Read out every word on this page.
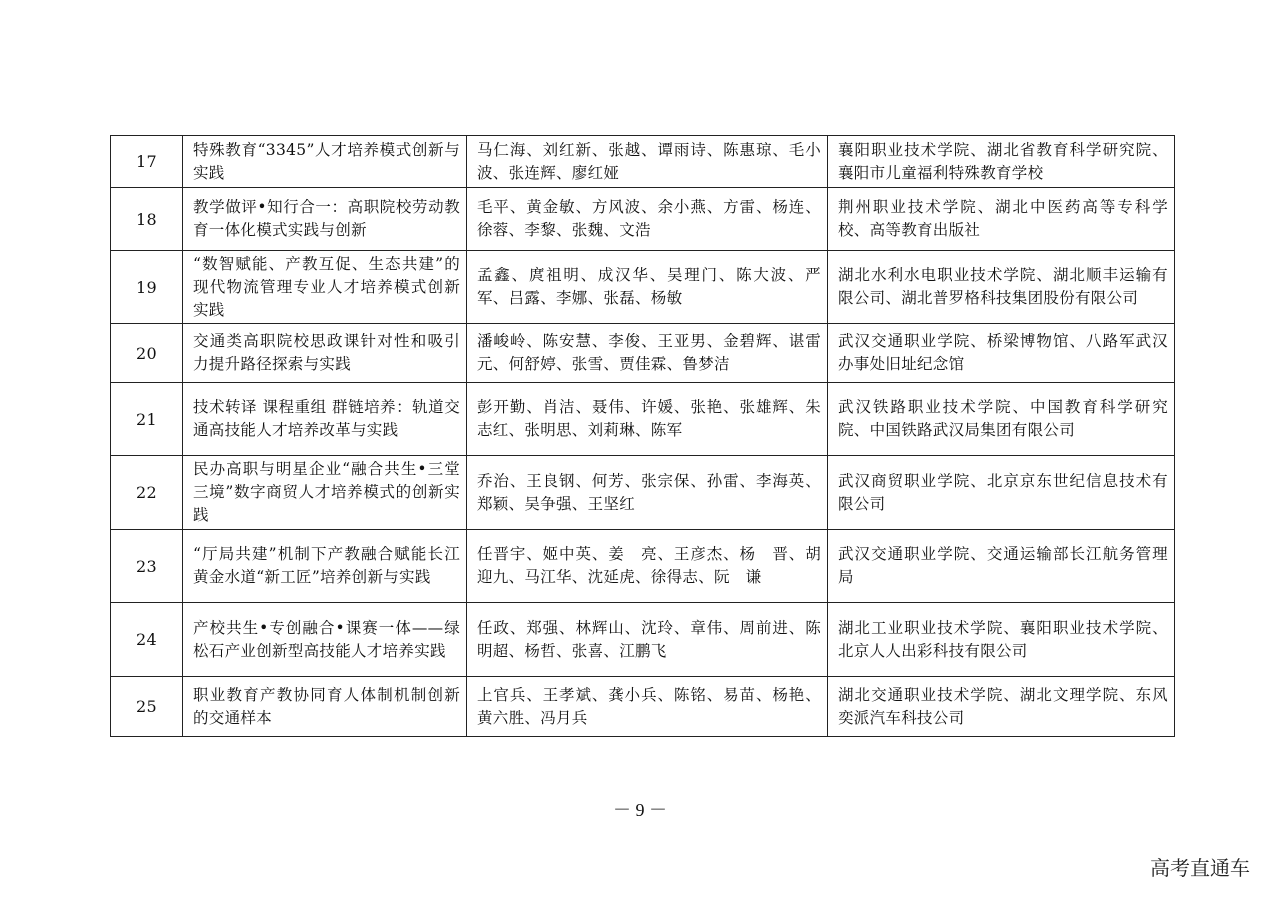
17	特殊教育“3345”人才培养模式创新与实践	马仁海、刘红新、张越、谭雨诗、陈惠琼、毛小波、张连辉、廖红娅	襄阳职业技术学院、湖北省教育科学研究院、襄阳市儿童福利特殊教育学校
18	教学做评•知行合一：高职院校劳动教育一体化模式实践与创新	毛平、黄金敏、方风波、余小燕、方雷、杨连、徐蓉、李黎、张魏、文浩	荆州职业技术学院、湖北中医药高等专科学校、高等教育出版社
19	“数智赋能、产教互促、生态共建”的现代物流管理专业人才培养模式创新实践	孟鑫、庹祖明、成汉华、吴理门、陈大波、严军、吕露、李娜、张磊、杨敏	湖北水利水电职业技术学院、湖北顺丰运输有限公司、湖北普罗格科技集团股份有限公司
20	交通类高职院校思政课针对性和吸引力提升路径探索与实践	潘峻岭、陈安慧、李俊、王亚男、金碧辉、谌雷元、何舒婷、张雪、贾佳霖、鲁梦洁	武汉交通职业学院、桥梁博物馆、八路军武汉办事处旧址纪念馆
21	技术转译 课程重组 群链培养：轨道交通高技能人才培养改革与实践	彭开勤、肖洁、聂伟、许媛、张艳、张雄辉、朱志红、张明思、刘莉琳、陈军	武汉铁路职业技术学院、中国教育科学研究院、中国铁路武汉局集团有限公司
22	民办高职与明星企业“融合共生•三堂三境”数字商贸人才培养模式的创新实践	乔治、王良钢、何芳、张宗保、孙雷、李海英、郑颖、吴争强、王坚红	武汉商贸职业学院、北京京东世纪信息技术有限公司
23	“厅局共建”机制下产教融合赋能长江黄金水道“新工匠”培养创新与实践	任晋宇、姬中英、姜　亮、王彦杰、杨　晋、胡迎九、马江华、沈延虎、徐得志、阮　谦	武汉交通职业学院、交通运输部长江航务管理局
24	产校共生•专创融合•课赛一体——绿松石产业创新型高技能人才培养实践	任政、郑强、林辉山、沈玲、章伟、周前进、陈明超、杨哲、张喜、江鹏飞	湖北工业职业技术学院、襄阳职业技术学院、北京人人出彩科技有限公司
25	职业教育产教协同育人体制机制创新的交通样本	上官兵、王孝斌、龚小兵、陈铭、易苗、杨艳、黄六胜、冯月兵	湖北交通职业技术学院、湖北文理学院、东风奕派汽车科技公司
－ 9 －
高考直通车
